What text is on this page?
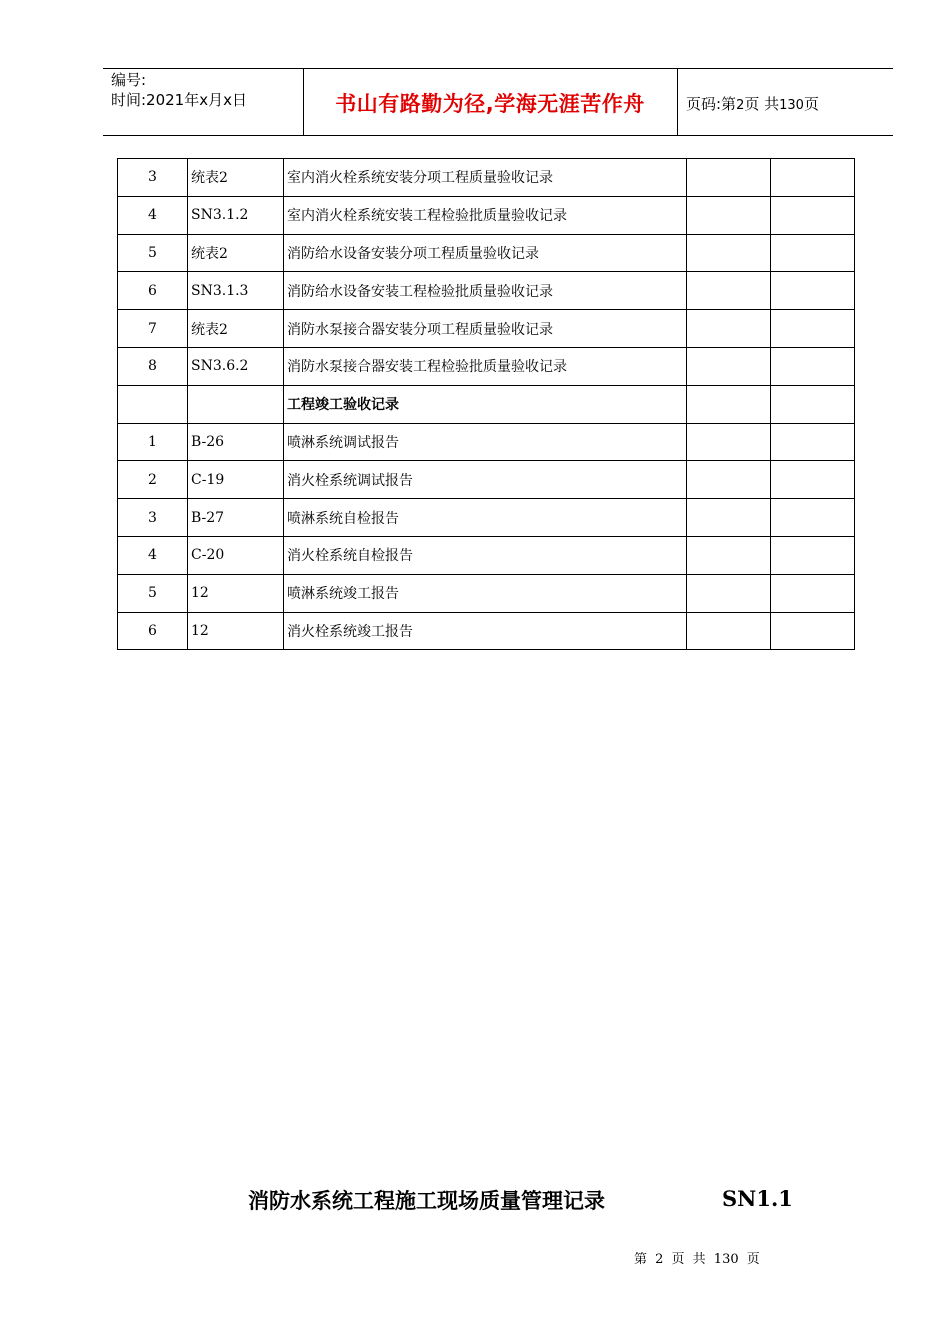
编号:
时间:2021年x月x日	书山有路勤为径,学海无涯苦作舟	页码:第2页 共130页
3	统表2	室内消火栓系统安装分项工程质量验收记录		
4	SN3.1.2	室内消火栓系统安装工程检验批质量验收记录		
5	统表2	消防给水设备安装分项工程质量验收记录		
6	SN3.1.3	消防给水设备安装工程检验批质量验收记录		
7	统表2	消防水泵接合器安装分项工程质量验收记录		
8	SN3.6.2	消防水泵接合器安装工程检验批质量验收记录		
		工程竣工验收记录		
1	B-26	喷淋系统调试报告		
2	C-19	消火栓系统调试报告		
3	B-27	喷淋系统自检报告		
4	C-20	消火栓系统自检报告		
5	12	喷淋系统竣工报告		
6	12	消火栓系统竣工报告		
消防水系统工程施工现场质量管理记录	SN1.1
第 2 页 共 130 页
